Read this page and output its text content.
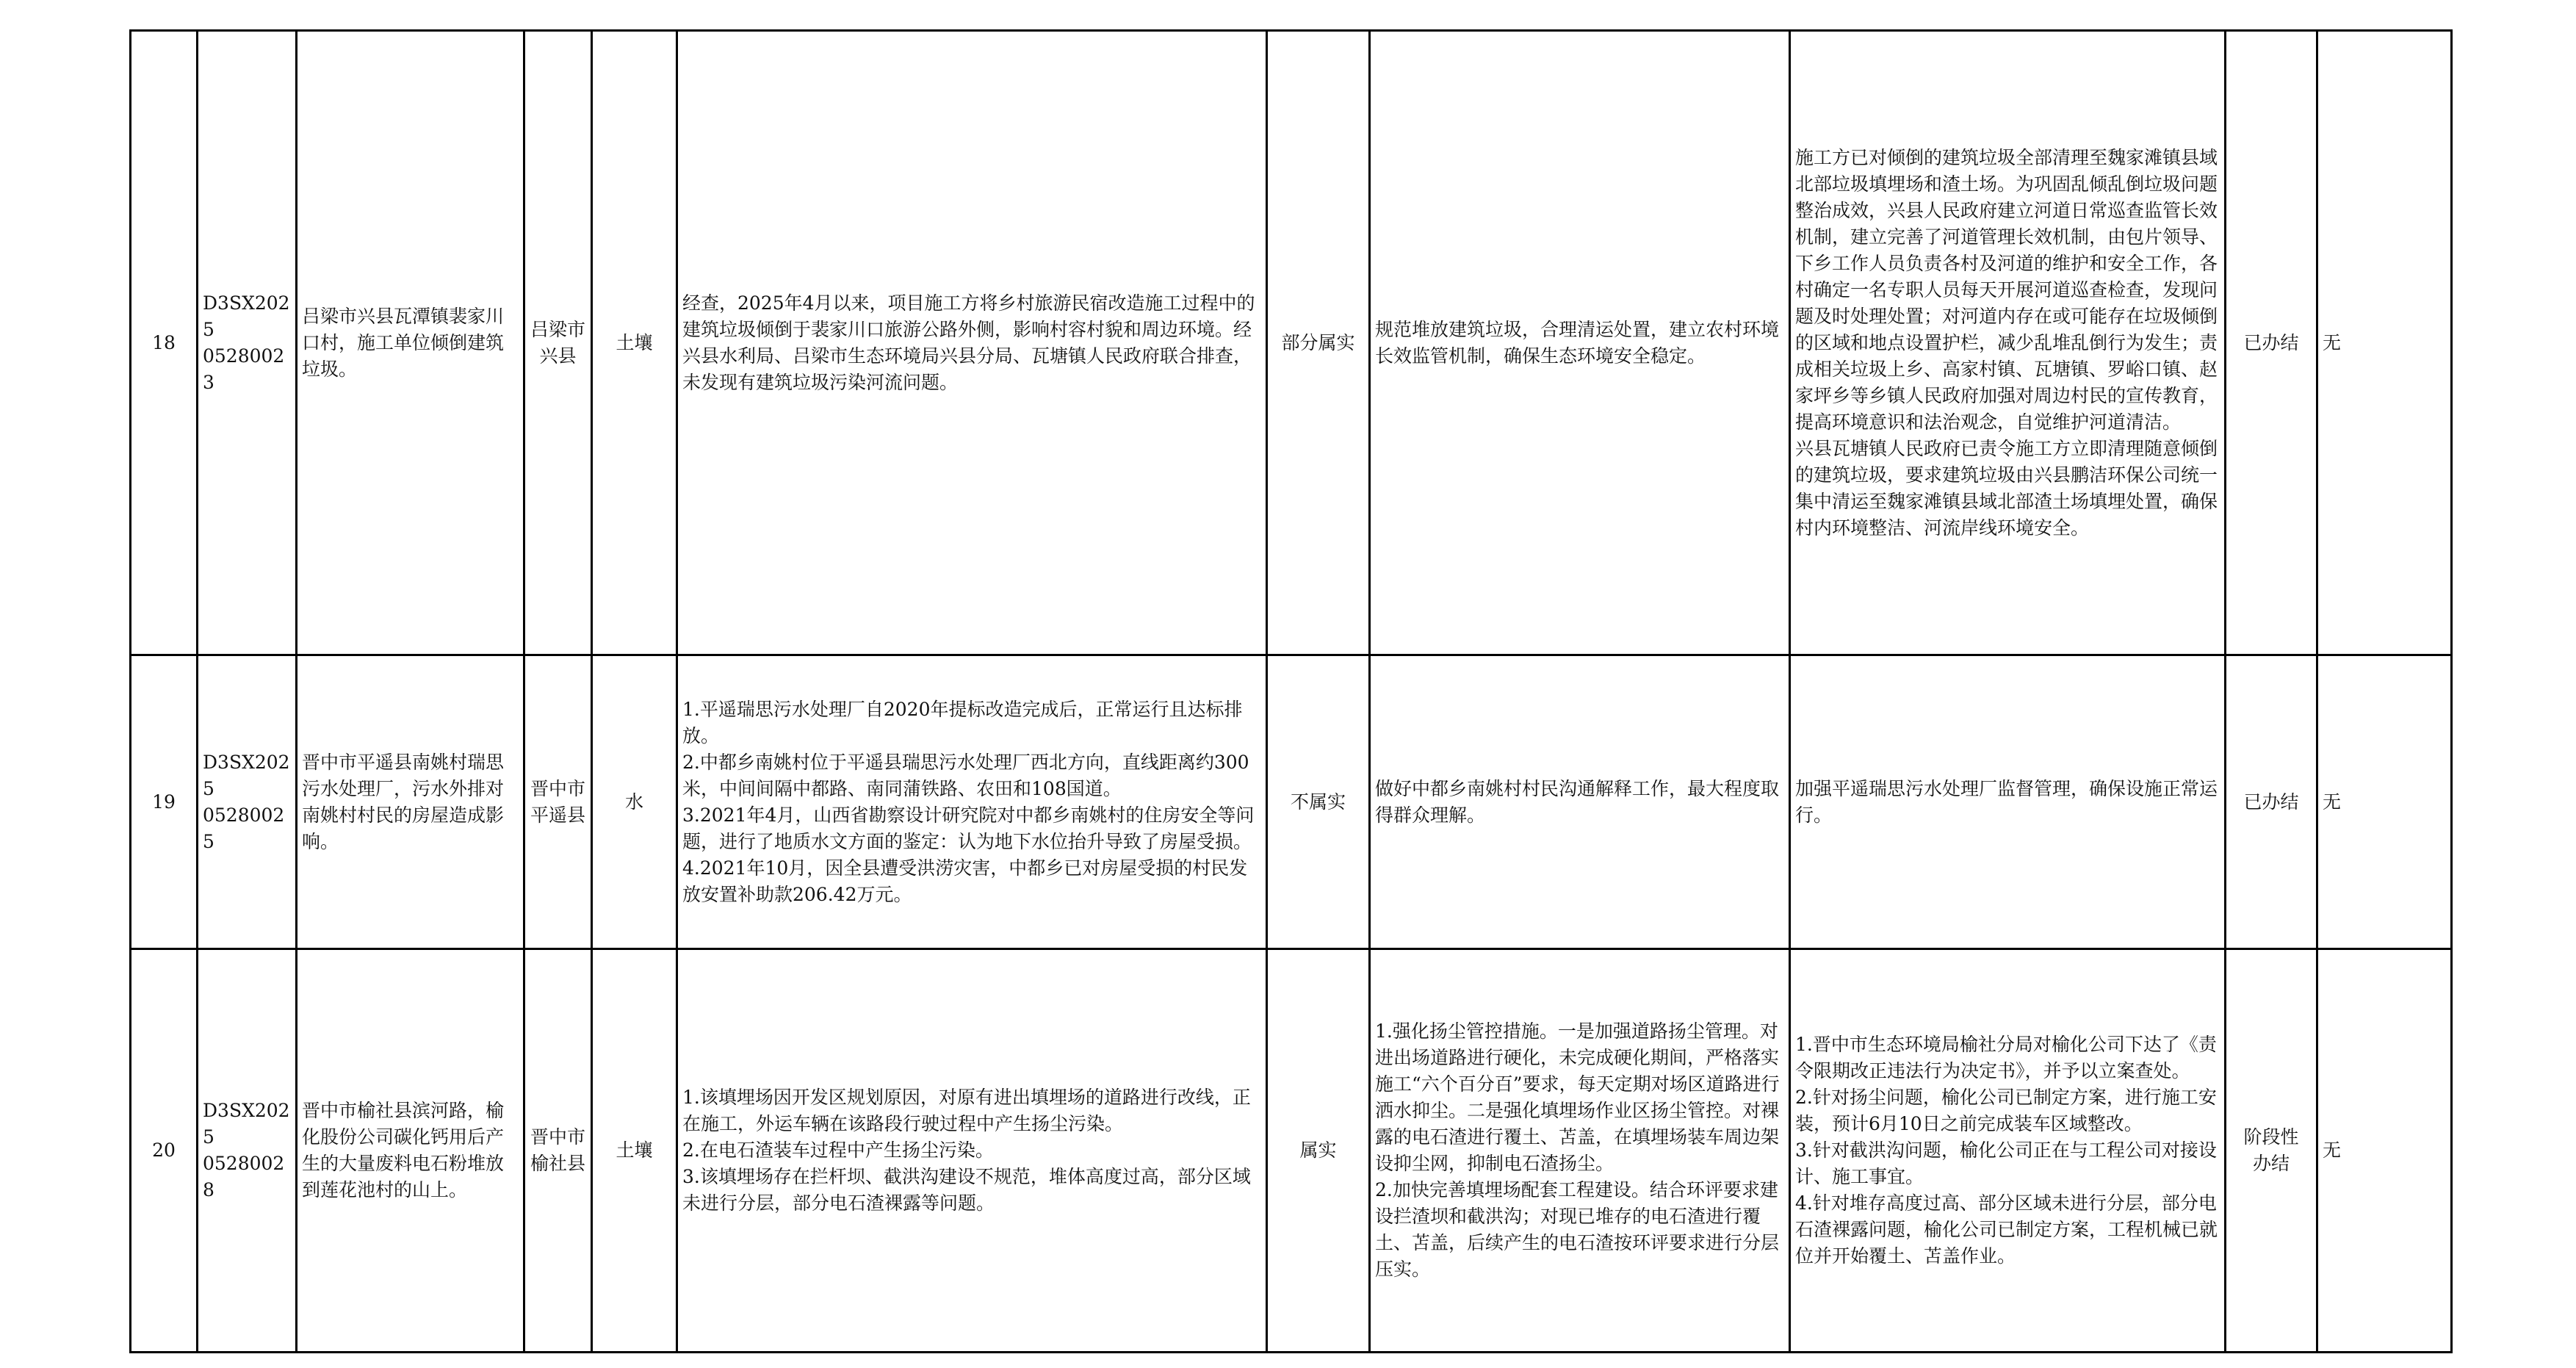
18	D3SX2025
05280023	吕梁市兴县瓦潭镇裴家川口村，施工单位倾倒建筑垃圾。	吕梁市
兴县	土壤	经查，2025年4月以来，项目施工方将乡村旅游民宿改造施工过程中的建筑垃圾倾倒于裴家川口旅游公路外侧，影响村容村貌和周边环境。经兴县水利局、吕梁市生态环境局兴县分局、瓦塘镇人民政府联合排查，未发现有建筑垃圾污染河流问题。	部分属实	规范堆放建筑垃圾，合理清运处置，建立农村环境长效监管机制，确保生态环境安全稳定。	施工方已对倾倒的建筑垃圾全部清理至魏家滩镇县域北部垃圾填埋场和渣土场。为巩固乱倾乱倒垃圾问题整治成效，兴县人民政府建立河道日常巡查监管长效机制，建立完善了河道管理长效机制，由包片领导、下乡工作人员负责各村及河道的维护和安全工作，各村确定一名专职人员每天开展河道巡查检查，发现问题及时处理处置；对河道内存在或可能存在垃圾倾倒的区域和地点设置护栏，减少乱堆乱倒行为发生；责成相关垃圾上乡、高家村镇、瓦塘镇、罗峪口镇、赵家坪乡等乡镇人民政府加强对周边村民的宣传教育，提高环境意识和法治观念，自觉维护河道清洁。
兴县瓦塘镇人民政府已责令施工方立即清理随意倾倒的建筑垃圾，要求建筑垃圾由兴县鹏洁环保公司统一集中清运至魏家滩镇县域北部渣土场填埋处置，确保村内环境整洁、河流岸线环境安全。	已办结	无

19	D3SX2025
05280025	晋中市平遥县南姚村瑞思污水处理厂，污水外排对南姚村村民的房屋造成影响。	晋中市
平遥县	水	1.平遥瑞思污水处理厂自2020年提标改造完成后，正常运行且达标排放。
2.中都乡南姚村位于平遥县瑞思污水处理厂西北方向，直线距离约300米，中间间隔中都路、南同蒲铁路、农田和108国道。
3.2021年4月，山西省勘察设计研究院对中都乡南姚村的住房安全等问题，进行了地质水文方面的鉴定：认为地下水位抬升导致了房屋受损。
4.2021年10月，因全县遭受洪涝灾害，中都乡已对房屋受损的村民发放安置补助款206.42万元。	不属实	做好中都乡南姚村村民沟通解释工作，最大程度取得群众理解。	加强平遥瑞思污水处理厂监督管理，确保设施正常运行。	已办结	无

20	D3SX2025
05280028	晋中市榆社县滨河路，榆化股份公司碳化钙用后产生的大量废料电石粉堆放到莲花池村的山上。	晋中市
榆社县	土壤	1.该填埋场因开发区规划原因，对原有进出填埋场的道路进行改线，正在施工，外运车辆在该路段行驶过程中产生扬尘污染。
2.在电石渣装车过程中产生扬尘污染。
3.该填埋场存在拦杆坝、截洪沟建设不规范，堆体高度过高，部分区域未进行分层，部分电石渣裸露等问题。	属实	1.强化扬尘管控措施。一是加强道路扬尘管理。对进出场道路进行硬化，未完成硬化期间，严格落实施工“六个百分百”要求，每天定期对场区道路进行洒水抑尘。二是强化填埋场作业区扬尘管控。对裸露的电石渣进行覆土、苫盖，在填埋场装车周边架设抑尘网，抑制电石渣扬尘。
2.加快完善填埋场配套工程建设。结合环评要求建设拦渣坝和截洪沟；对现已堆存的电石渣进行覆土、苫盖，后续产生的电石渣按环评要求进行分层压实。	1.晋中市生态环境局榆社分局对榆化公司下达了《责令限期改正违法行为决定书》，并予以立案查处。
2.针对扬尘问题，榆化公司已制定方案，进行施工安装，预计6月10日之前完成装车区域整改。
3.针对截洪沟问题，榆化公司正在与工程公司对接设计、施工事宜。
4.针对堆存高度过高、部分区域未进行分层，部分电石渣裸露问题，榆化公司已制定方案，工程机械已就位并开始覆土、苫盖作业。	阶段性
办结	无
